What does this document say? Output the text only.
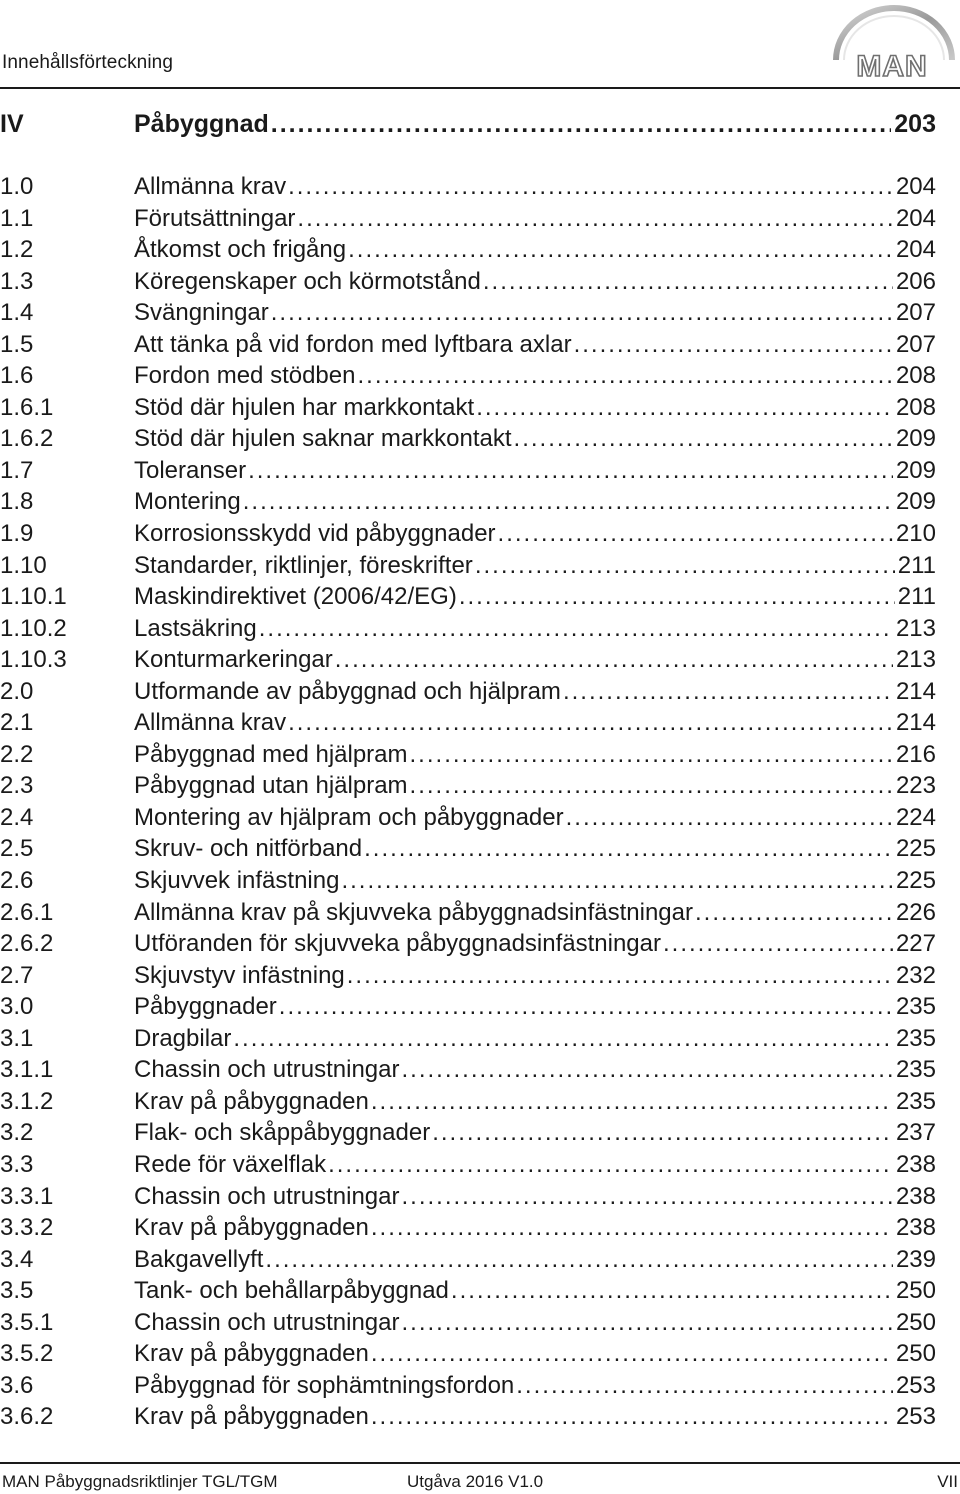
Innehållsförteckning	MAN
IV	Påbyggnad .....	203
1.0	Allmänna krav .....	204
1.1	Förutsättningar .....	204
1.2	Åtkomst och frigång .....	204
1.3	Köregenskaper och körmotstånd .....	206
1.4	Svängningar .....	207
1.5	Att tänka på vid fordon med lyftbara axlar .....	207
1.6	Fordon med stödben .....	208
1.6.1	Stöd där hjulen har markkontakt .....	208
1.6.2	Stöd där hjulen saknar markkontakt .....	209
1.7	Toleranser .....	209
1.8	Montering .....	209
1.9	Korrosionsskydd vid påbyggnader .....	210
1.10	Standarder, riktlinjer, föreskrifter .....	211
1.10.1	Maskindirektivet (2006/42/EG) .....	211
1.10.2	Lastsäkring .....	213
1.10.3	Konturmarkeringar .....	213
2.0	Utformande av påbyggnad och hjälpram .....	214
2.1	Allmänna krav .....	214
2.2	Påbyggnad med hjälpram .....	216
2.3	Påbyggnad utan hjälpram .....	223
2.4	Montering av hjälpram och påbyggnader .....	224
2.5	Skruv- och nitförband .....	225
2.6	Skjuvvek infästning .....	225
2.6.1	Allmänna krav på skjuvveka påbyggnadsinfästningar .....	226
2.6.2	Utföranden för skjuvveka påbyggnadsinfästningar .....	227
2.7	Skjuvstyv infästning .....	232
3.0	Påbyggnader .....	235
3.1	Dragbilar .....	235
3.1.1	Chassin och utrustningar .....	235
3.1.2	Krav på påbyggnaden .....	235
3.2	Flak- och skåppåbyggnader .....	237
3.3	Rede för växelflak .....	238
3.3.1	Chassin och utrustningar .....	238
3.3.2	Krav på påbyggnaden .....	238
3.4	Bakgavellyft .....	239
3.5	Tank- och behållarpåbyggnad .....	250
3.5.1	Chassin och utrustningar .....	250
3.5.2	Krav på påbyggnaden .....	250
3.6	Påbyggnad för sophämtningsfordon .....	253
3.6.2	Krav på påbyggnaden .....	253
MAN Påbyggnadsriktlinjer TGL/TGM	Utgåva 2016 V1.0	VII
